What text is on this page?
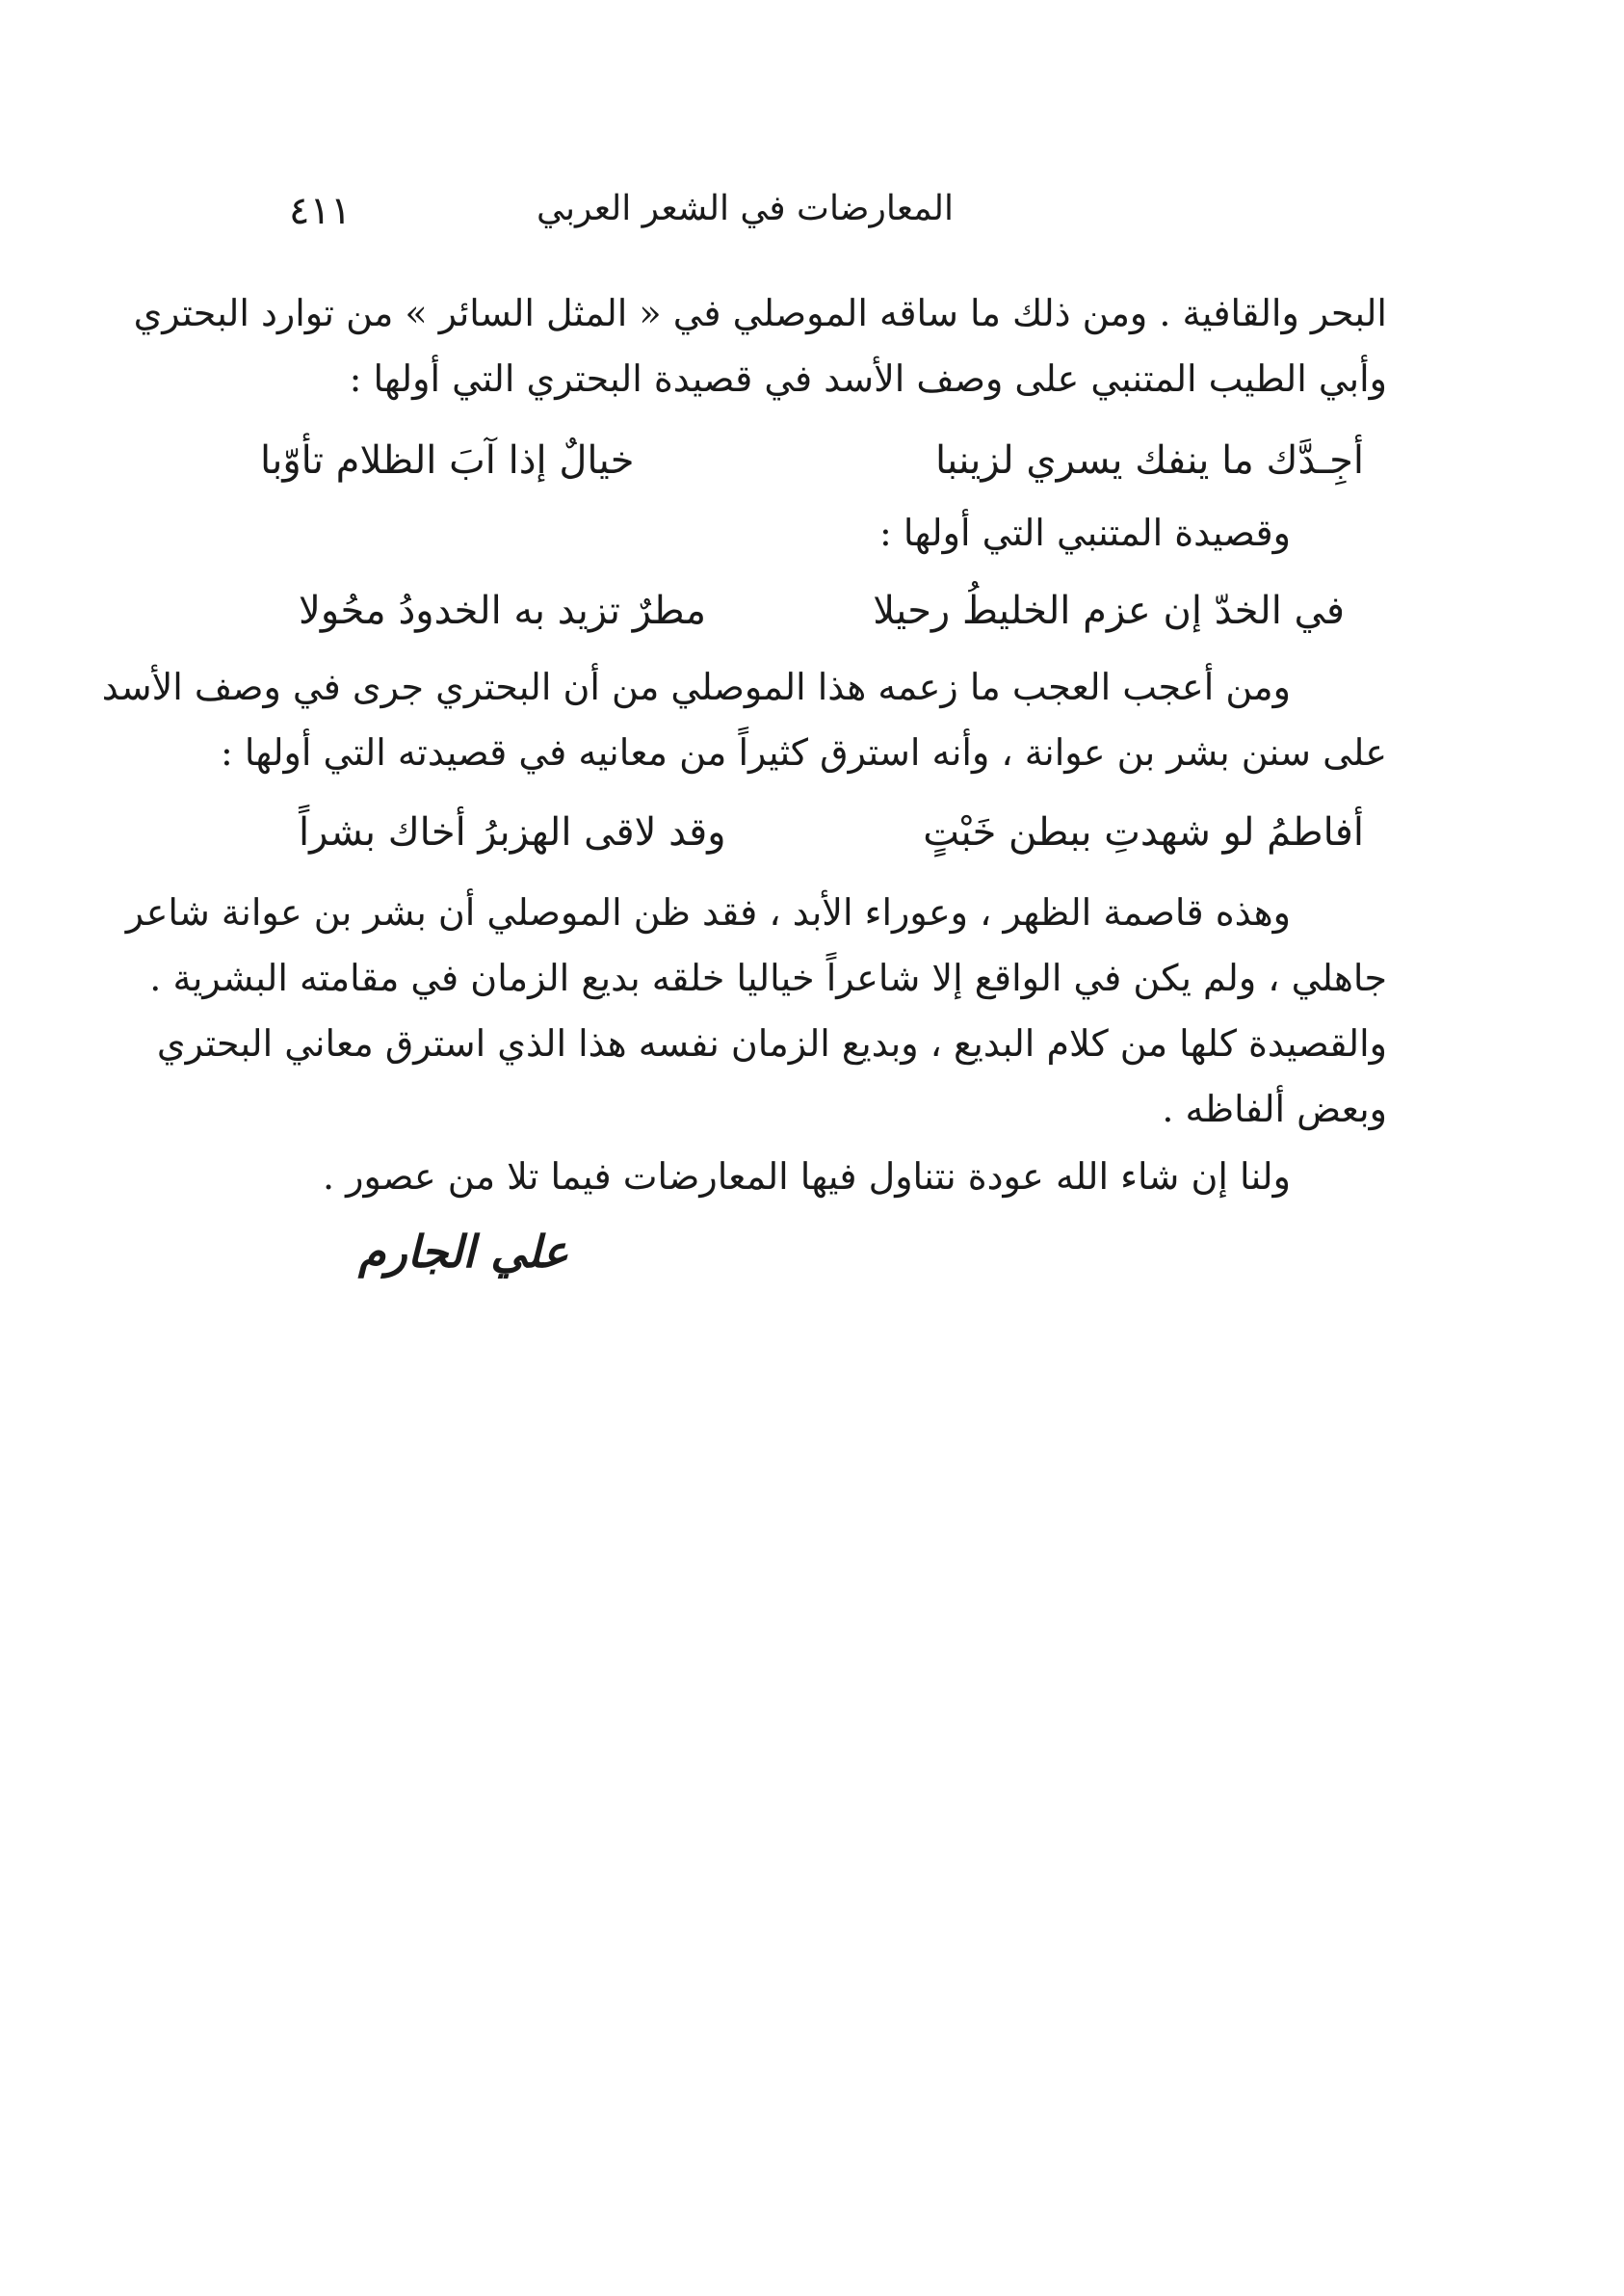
٤١١	المعارضات في الشعر العربي
البحر والقافية . ومن ذلك ما ساقه الموصلي في « المثل السائر » من توارد البحتري
وأبي الطيب المتنبي على وصف الأسد في قصيدة البحتري التي أولها :
أجِـدَّك ما ينفك يسري لزينبا
خيالٌ إذا آبَ الظلام تأوّبا
وقصيدة المتنبي التي أولها :
في الخدّ إن عزم الخليطُ رحيلا
مطرٌ تزيد به الخدودُ محُولا
ومن أعجب العجب ما زعمه هذا الموصلي من أن البحتري جرى في وصف الأسد
على سنن بشر بن عوانة ، وأنه استرق كثيراً من معانيه في قصيدته التي أولها :
أفاطمُ لو شهدتِ ببطن خَبْتٍ
وقد لاقى الهزبرُ أخاك بشراً
وهذه قاصمة الظهر ، وعوراء الأبد ، فقد ظن الموصلي أن بشر بن عوانة شاعر
جاهلي ، ولم يكن في الواقع إلا شاعراً خياليا خلقه بديع الزمان في مقامته البشرية .
والقصيدة كلها من كلام البديع ، وبديع الزمان نفسه هذا الذي استرق معاني البحتري
وبعض ألفاظه .
ولنا إن شاء الله عودة نتناول فيها المعارضات فيما تلا من عصور .
علي الجارم
